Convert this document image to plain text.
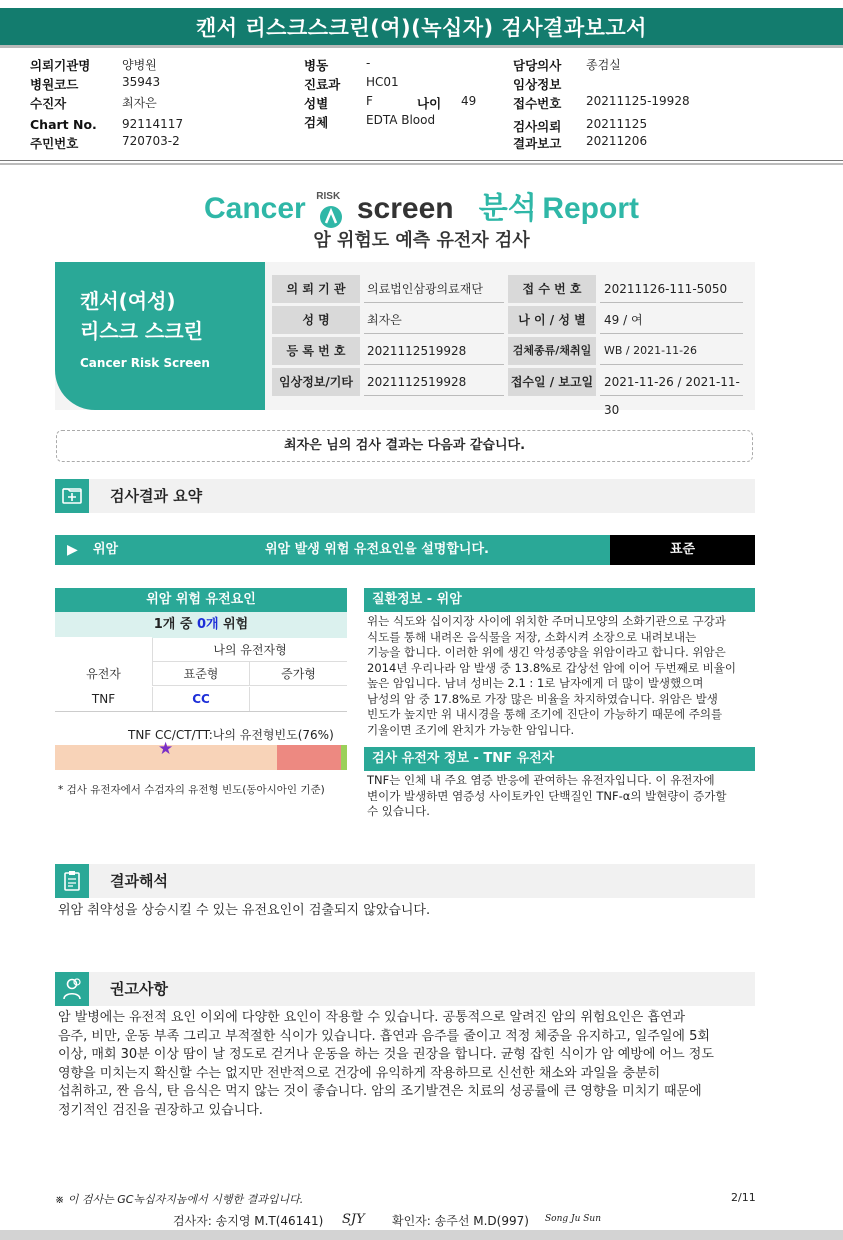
캔서 리스크스크린(여)(녹십자) 검사결과보고서
의뢰기관명	양병원
병원코드	35943
수진자	최자은
Chart No. 92114117
주민번호	720703-2
병동	-
진료과 HC01
성별	F	나이 49
검체	EDTA Blood
담당의사 종검실
임상정보
접수번호 20211125-19928
검사의뢰 20211125
결과보고 20211206
Cancer RISK screen 분석 Report
암 위험도 예측 유전자 검사
캔서(여성)
리스크 스크린
Cancer Risk Screen
의 뢰 기 관	의료법인삼광의료재단	접 수 번 호	20211126-111-5050
성 명	최자은	나 이 / 성 별	49 / 여
등 록 번 호	2021112519928	검체종류/채취일	WB / 2021-11-26
임상정보/기타	2021112519928	접수일 / 보고일 2021-11-26 / 2021-11-30
최자은 님의 검사 결과는 다음과 같습니다.
검사결과 요약
▶ 위암	위암 발생 위험 유전요인을 설명합니다.	표준
위암 위험 유전요인
1개 중 0개 위험
나의 유전자형
유전자	표준형	증가형
TNF	CC
TNF CC/CT/TT:나의 유전형빈도(76%)
★
* 검사 유전자에서 수검자의 유전형 빈도(동아시아인 기준)
질환정보 - 위암
위는 식도와 십이지장 사이에 위치한 주머니모양의 소화기관으로 구강과
식도를 통해 내려온 음식물을 저장, 소화시켜 소장으로 내려보내는
기능을 합니다. 이러한 위에 생긴 악성종양을 위암이라고 합니다. 위암은
2014년 우리나라 암 발생 중 13.8%로 갑상선 암에 이어 두번째로 비율이
높은 암입니다. 남녀 성비는 2.1 : 1로 남자에게 더 많이 발생했으며
남성의 암 중 17.8%로 가장 많은 비율을 차지하였습니다. 위암은 발생
빈도가 높지만 위 내시경을 통해 조기에 진단이 가능하기 때문에 주의를
기울이면 조기에 완치가 가능한 암입니다.
검사 유전자 정보 - TNF 유전자
TNF는 인체 내 주요 염증 반응에 관여하는 유전자입니다. 이 유전자에
변이가 발생하면 염증성 사이토카인 단백질인 TNF-α의 발현량이 증가할
수 있습니다.
결과해석
위암 취약성을 상승시킬 수 있는 유전요인이 검출되지 않았습니다.
권고사항
암 발병에는 유전적 요인 이외에 다양한 요인이 작용할 수 있습니다. 공통적으로 알려진 암의 위험요인은 흡연과
음주, 비만, 운동 부족 그리고 부적절한 식이가 있습니다. 흡연과 음주를 줄이고 적정 체중을 유지하고, 일주일에 5회
이상, 매회 30분 이상 땀이 날 정도로 걷거나 운동을 하는 것을 권장을 합니다. 균형 잡힌 식이가 암 예방에 어느 정도
영향을 미치는지 확신할 수는 없지만 전반적으로 건강에 유익하게 작용하므로 신선한 채소와 과일을 충분히
섭취하고, 짠 음식, 탄 음식은 먹지 않는 것이 좋습니다. 암의 조기발견은 치료의 성공률에 큰 영향을 미치기 때문에
정기적인 검진을 권장하고 있습니다.
※ 이 검사는 GC녹십자지놈에서 시행한 결과입니다.	2/11
검사자: 송지영 M.T(46141) SJY 확인자: 송주선 M.D(997) Song Ju Sun
